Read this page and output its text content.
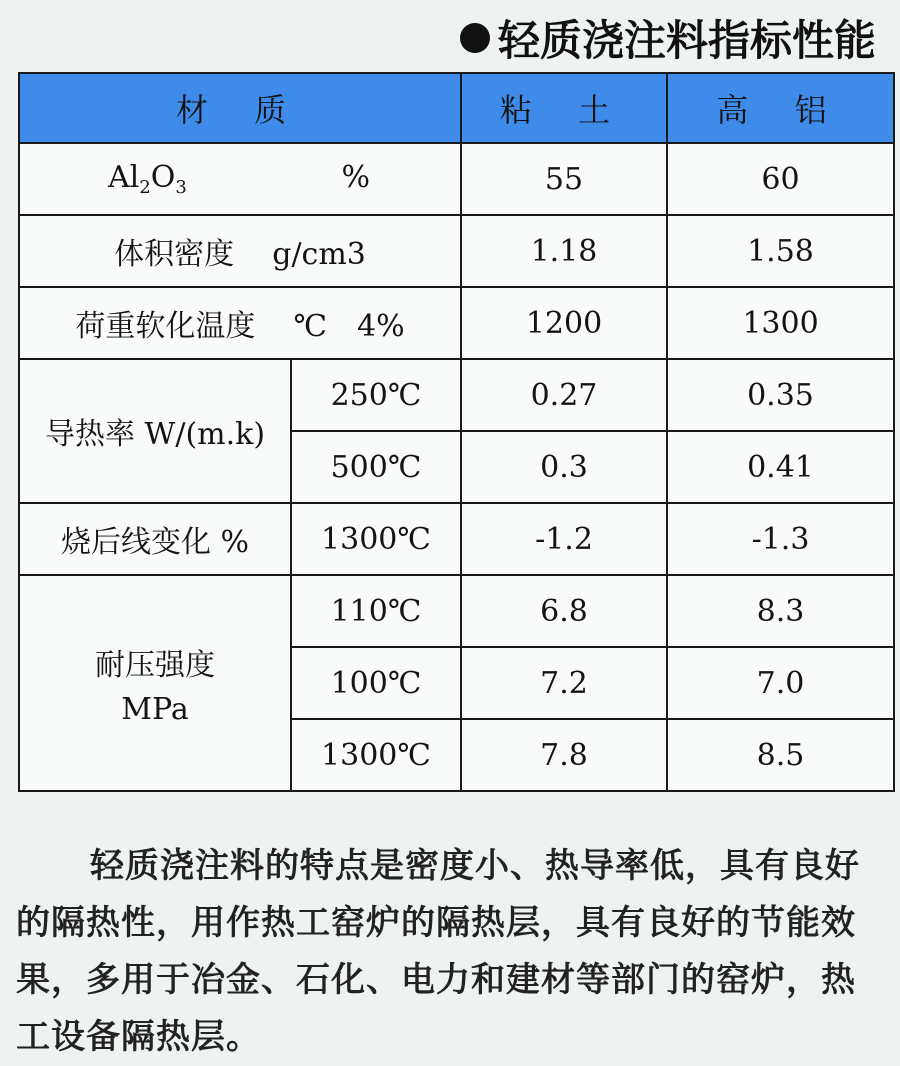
轻质浇注料指标性能
材 质		粘 土	高 铝

$Al_2O_3$ %		55	60
体积密度 g/cm3		1.18	1.58
荷重软化温度 ℃　4%		1200	1300
导热率 W/(m.k)	250℃	0.27	0.35
	500℃	0.3	0.41
烧后线变化 %	1300℃	-1.2	-1.3

耐压强度
MPa	110℃	6.8	8.3
	100℃	7.2	7.0
	1300℃	7.8	8.5

轻质浇注料的特点是密度小、热导率低，具有良好的隔热性，用作热工窑炉的隔热层，具有良好的节能效果，多用于冶金、石化、电力和建材等部门的窑炉，热工设备隔热层。
